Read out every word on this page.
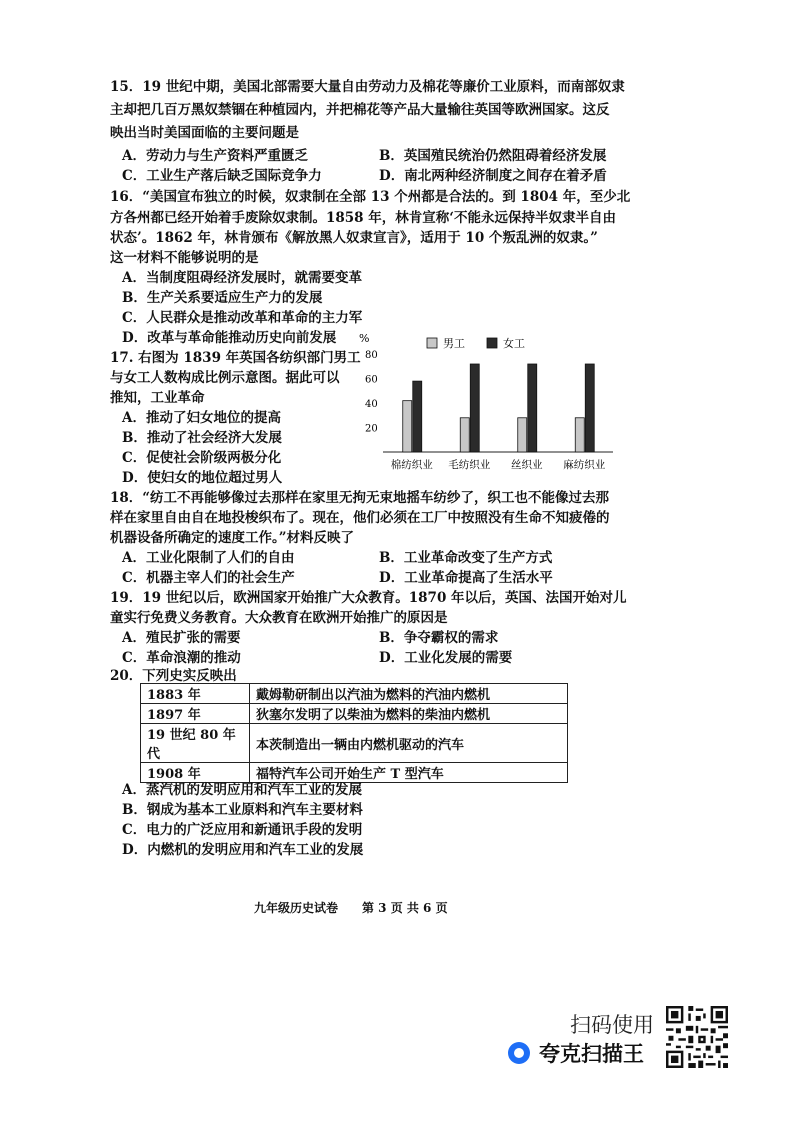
15．19 世纪中期，美国北部需要大量自由劳动力及棉花等廉价工业原料，而南部奴隶
主却把几百万黑奴禁锢在种植园内，并把棉花等产品大量输往英国等欧洲国家。这反
映出当时美国面临的主要问题是
A．劳动力与生产资料严重匮乏	B．英国殖民统治仍然阻碍着经济发展
C．工业生产落后缺乏国际竞争力	D．南北两种经济制度之间存在着矛盾
16．“美国宣布独立的时候，奴隶制在全部 13 个州都是合法的。到 1804 年，至少北
方各州都已经开始着手废除奴隶制。1858 年，林肯宣称‘不能永远保持半奴隶半自由
状态’。1862 年，林肯颁布《解放黑人奴隶宣言》，适用于 10 个叛乱洲的奴隶。”
这一材料不能够说明的是
A．当制度阻碍经济发展时，就需要变革
B．生产关系要适应生产力的发展
C．人民群众是推动改革和革命的主力军
D．改革与革命能推动历史向前发展
17. 右图为 1839 年英国各纺织部门男工
与女工人数构成比例示意图。据此可以
推知，工业革命
A．推动了妇女地位的提高
B．推动了社会经济大发展
C．促使社会阶级两极分化
D．使妇女的地位超过男人
%
20
40
60
80
棉纺织业 毛纺织业 丝织业 麻纺织业
男工	女工
18．“纺工不再能够像过去那样在家里无拘无束地摇车纺纱了，织工也不能像过去那
样在家里自由自在地投梭织布了。现在，他们必须在工厂中按照没有生命不知疲倦的
机器设备所确定的速度工作。”材料反映了
A．工业化限制了人们的自由	B．工业革命改变了生产方式
C．机器主宰人们的社会生产	D．工业革命提高了生活水平
19．19 世纪以后，欧洲国家开始推广大众教育。1870 年以后，英国、法国开始对儿
童实行免费义务教育。大众教育在欧洲开始推广的原因是
A．殖民扩张的需要	B．争夺霸权的需求
C．革命浪潮的推动	D．工业化发展的需要
20．下列史实反映出
1883 年	戴姆勒研制出以汽油为燃料的汽油内燃机
1897 年	狄塞尔发明了以柴油为燃料的柴油内燃机
19 世纪 80 年代	本茨制造出一辆由内燃机驱动的汽车
1908 年	福特汽车公司开始生产 T 型汽车
A．蒸汽机的发明应用和汽车工业的发展
B．钢成为基本工业原料和汽车主要材料
C．电力的广泛应用和新通讯手段的发明
D．内燃机的发明应用和汽车工业的发展
九年级历史试卷　　第 3 页 共 6 页
扫码使用
夸克扫描王
